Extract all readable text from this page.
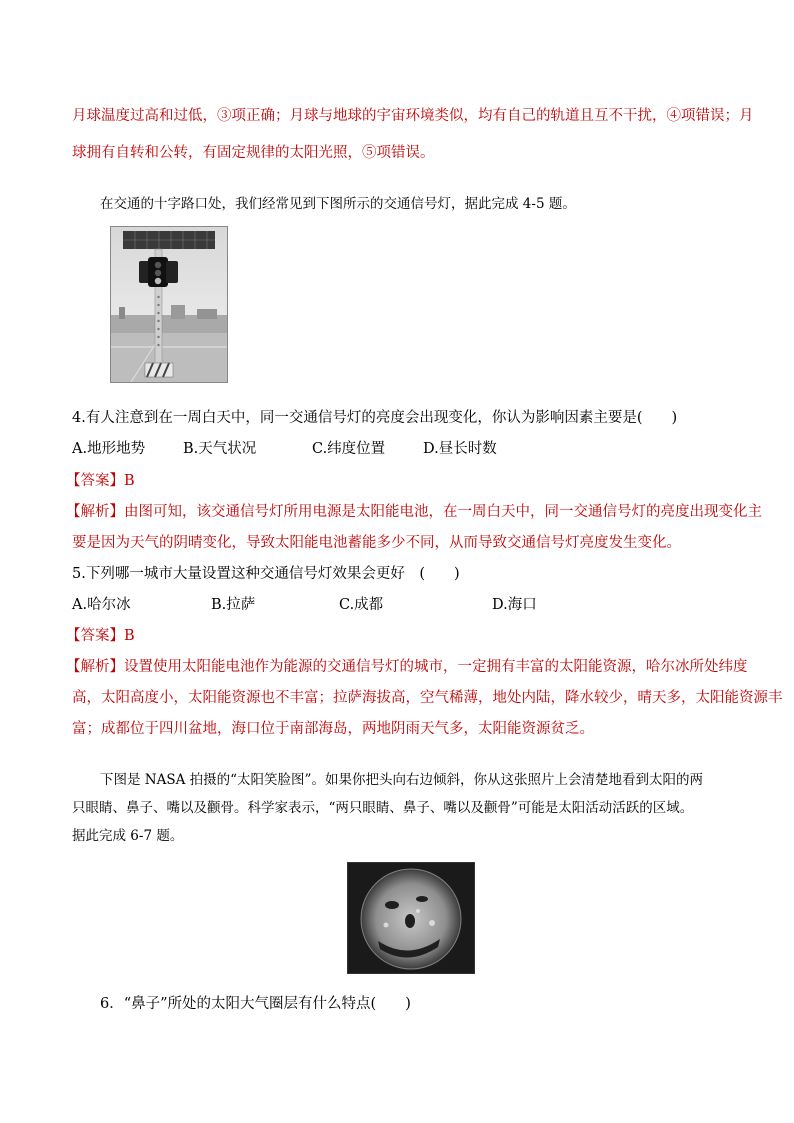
月球温度过高和过低，③项正确；月球与地球的宇宙环境类似，均有自己的轨道且互不干扰，④项错误；月
球拥有自转和公转，有固定规律的太阳光照，⑤项错误。
在交通的十字路口处，我们经常见到下图所示的交通信号灯，据此完成 4-5 题。
4.有人注意到在一周白天中，同一交通信号灯的亮度会出现变化，你认为影响因素主要是(　　)
A.地形地势	B.天气状况	C.纬度位置	D.昼长时数
【答案】B
【解析】由图可知，该交通信号灯所用电源是太阳能电池，在一周白天中，同一交通信号灯的亮度出现变化主
要是因为天气的阴晴变化，导致太阳能电池蓄能多少不同，从而导致交通信号灯亮度发生变化。
5.下列哪一城市大量设置这种交通信号灯效果会更好　(　　)
A.哈尔冰	B.拉萨	C.成都	D.海口
【答案】B
【解析】设置使用太阳能电池作为能源的交通信号灯的城市，一定拥有丰富的太阳能资源，哈尔冰所处纬度
高，太阳高度小，太阳能资源也不丰富；拉萨海拔高，空气稀薄，地处内陆，降水较少，晴天多，太阳能资源丰
富；成都位于四川盆地，海口位于南部海岛，两地阴雨天气多，太阳能资源贫乏。
下图是 NASA 拍摄的“太阳笑脸图”。如果你把头向右边倾斜，你从这张照片上会清楚地看到太阳的两
只眼睛、鼻子、嘴以及颧骨。科学家表示，“两只眼睛、鼻子、嘴以及颧骨”可能是太阳活动活跃的区域。
据此完成 6-7 题。
6．“鼻子”所处的太阳大气圈层有什么特点(　　)
